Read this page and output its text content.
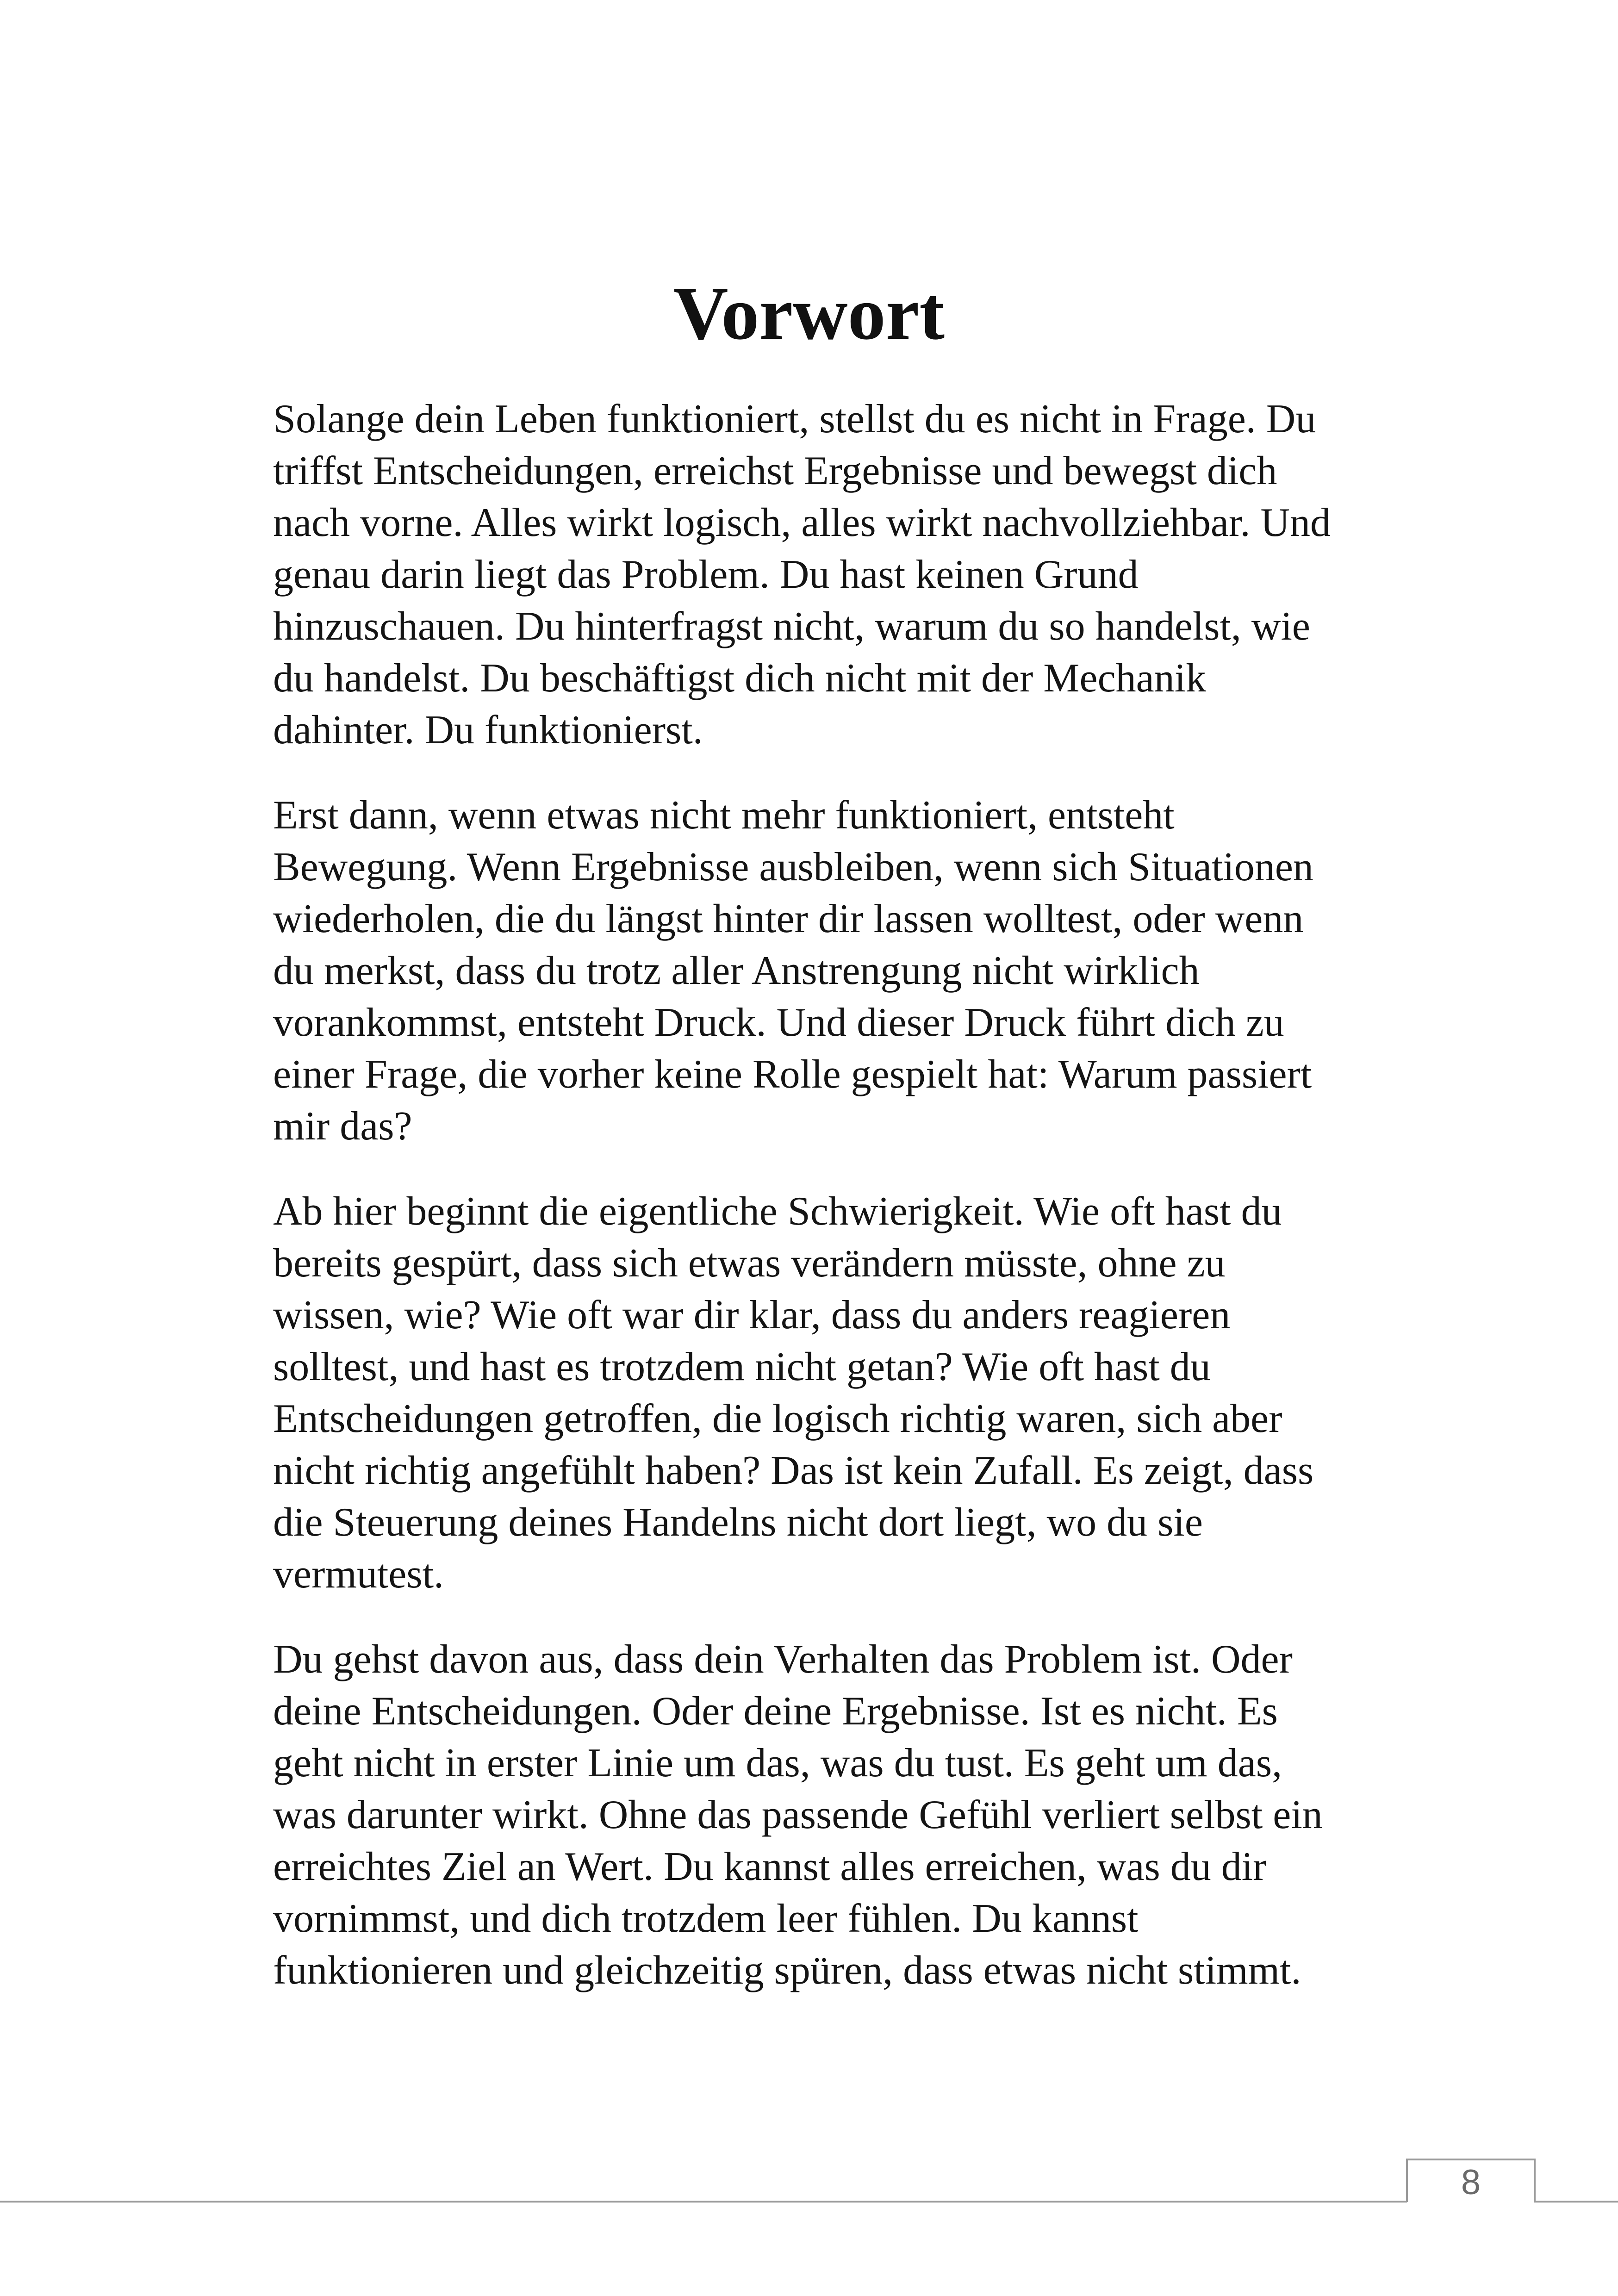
Vorwort

Solange dein Leben funktioniert, stellst du es nicht in Frage. Du triffst Entscheidungen, erreichst Ergebnisse und bewegst dich nach vorne. Alles wirkt logisch, alles wirkt nachvollziehbar. Und genau darin liegt das Problem. Du hast keinen Grund hinzuschauen. Du hinterfragst nicht, warum du so handelst, wie du handelst. Du beschäftigst dich nicht mit der Mechanik dahinter. Du funktionierst.

Erst dann, wenn etwas nicht mehr funktioniert, entsteht Bewegung. Wenn Ergebnisse ausbleiben, wenn sich Situationen wiederholen, die du längst hinter dir lassen wolltest, oder wenn du merkst, dass du trotz aller Anstrengung nicht wirklich vorankommst, entsteht Druck. Und dieser Druck führt dich zu einer Frage, die vorher keine Rolle gespielt hat: Warum passiert mir das?

Ab hier beginnt die eigentliche Schwierigkeit. Wie oft hast du bereits gespürt, dass sich etwas verändern müsste, ohne zu wissen, wie? Wie oft war dir klar, dass du anders reagieren solltest, und hast es trotzdem nicht getan? Wie oft hast du Entscheidungen getroffen, die logisch richtig waren, sich aber nicht richtig angefühlt haben? Das ist kein Zufall. Es zeigt, dass die Steuerung deines Handelns nicht dort liegt, wo du sie vermutest.

Du gehst davon aus, dass dein Verhalten das Problem ist. Oder deine Entscheidungen. Oder deine Ergebnisse. Ist es nicht. Es geht nicht in erster Linie um das, was du tust. Es geht um das, was darunter wirkt. Ohne das passende Gefühl verliert selbst ein erreichtes Ziel an Wert. Du kannst alles erreichen, was du dir vornimmst, und dich trotzdem leer fühlen. Du kannst funktionieren und gleichzeitig spüren, dass etwas nicht stimmt.

8
